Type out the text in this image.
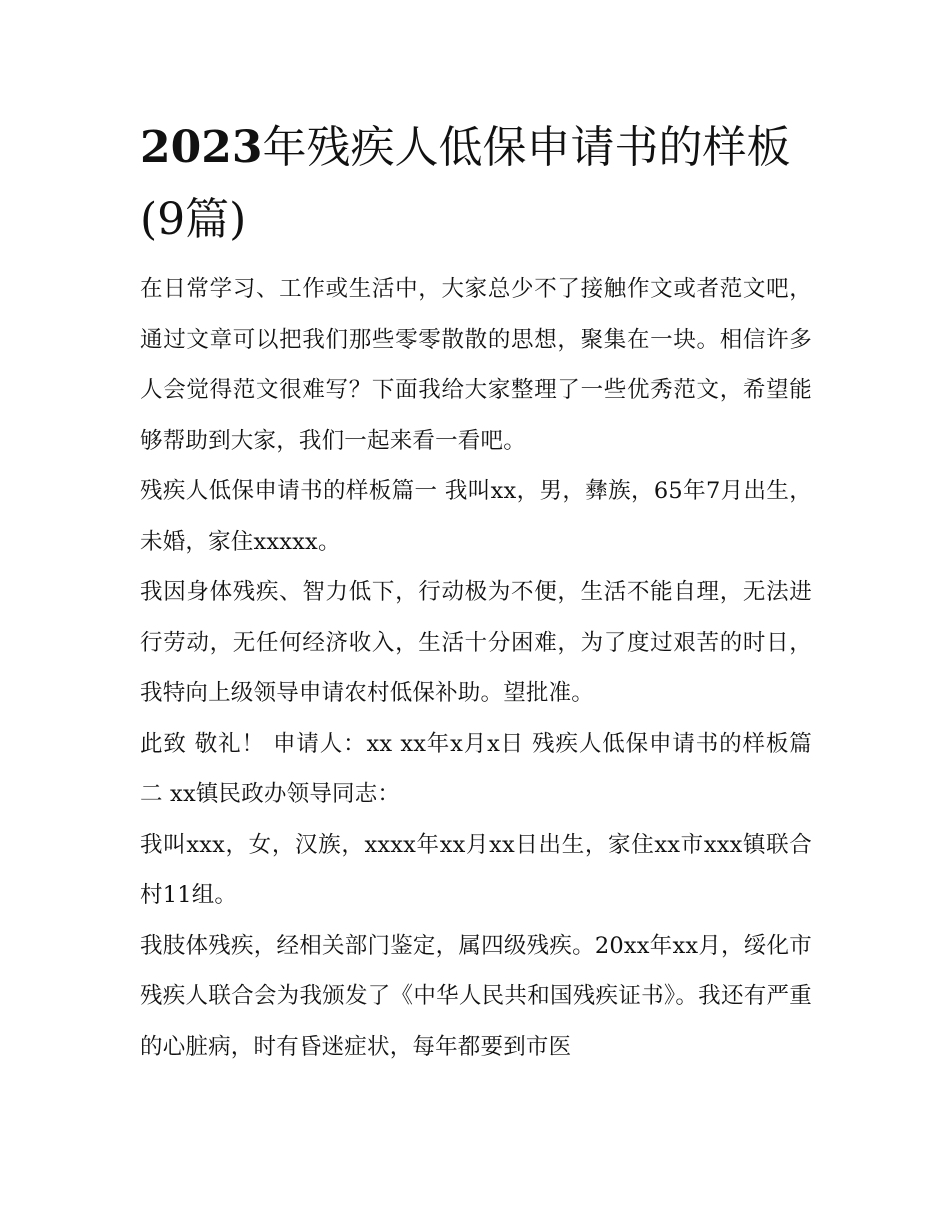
2023年残疾人低保申请书的样板(9篇)

在日常学习、工作或生活中，大家总少不了接触作文或者范文吧，通过文章可以把我们那些零零散散的思想，聚集在一块。相信许多人会觉得范文很难写？下面我给大家整理了一些优秀范文，希望能够帮助到大家，我们一起来看一看吧。

残疾人低保申请书的样板篇一 我叫xx，男，彝族，65年7月出生，未婚，家住xxxxx。

我因身体残疾、智力低下，行动极为不便，生活不能自理，无法进行劳动，无任何经济收入，生活十分困难，为了度过艰苦的时日，我特向上级领导申请农村低保补助。望批准。

此致 敬礼！ 申请人：xx xx年x月x日 残疾人低保申请书的样板篇二 xx镇民政办领导同志：

我叫xxx，女，汉族，xxxx年xx月xx日出生，家住xx市xxx镇联合村11组。

我肢体残疾，经相关部门鉴定，属四级残疾。20xx年xx月，绥化市残疾人联合会为我颁发了《中华人民共和国残疾证书》。我还有严重的心脏病，时有昏迷症状，每年都要到市医
